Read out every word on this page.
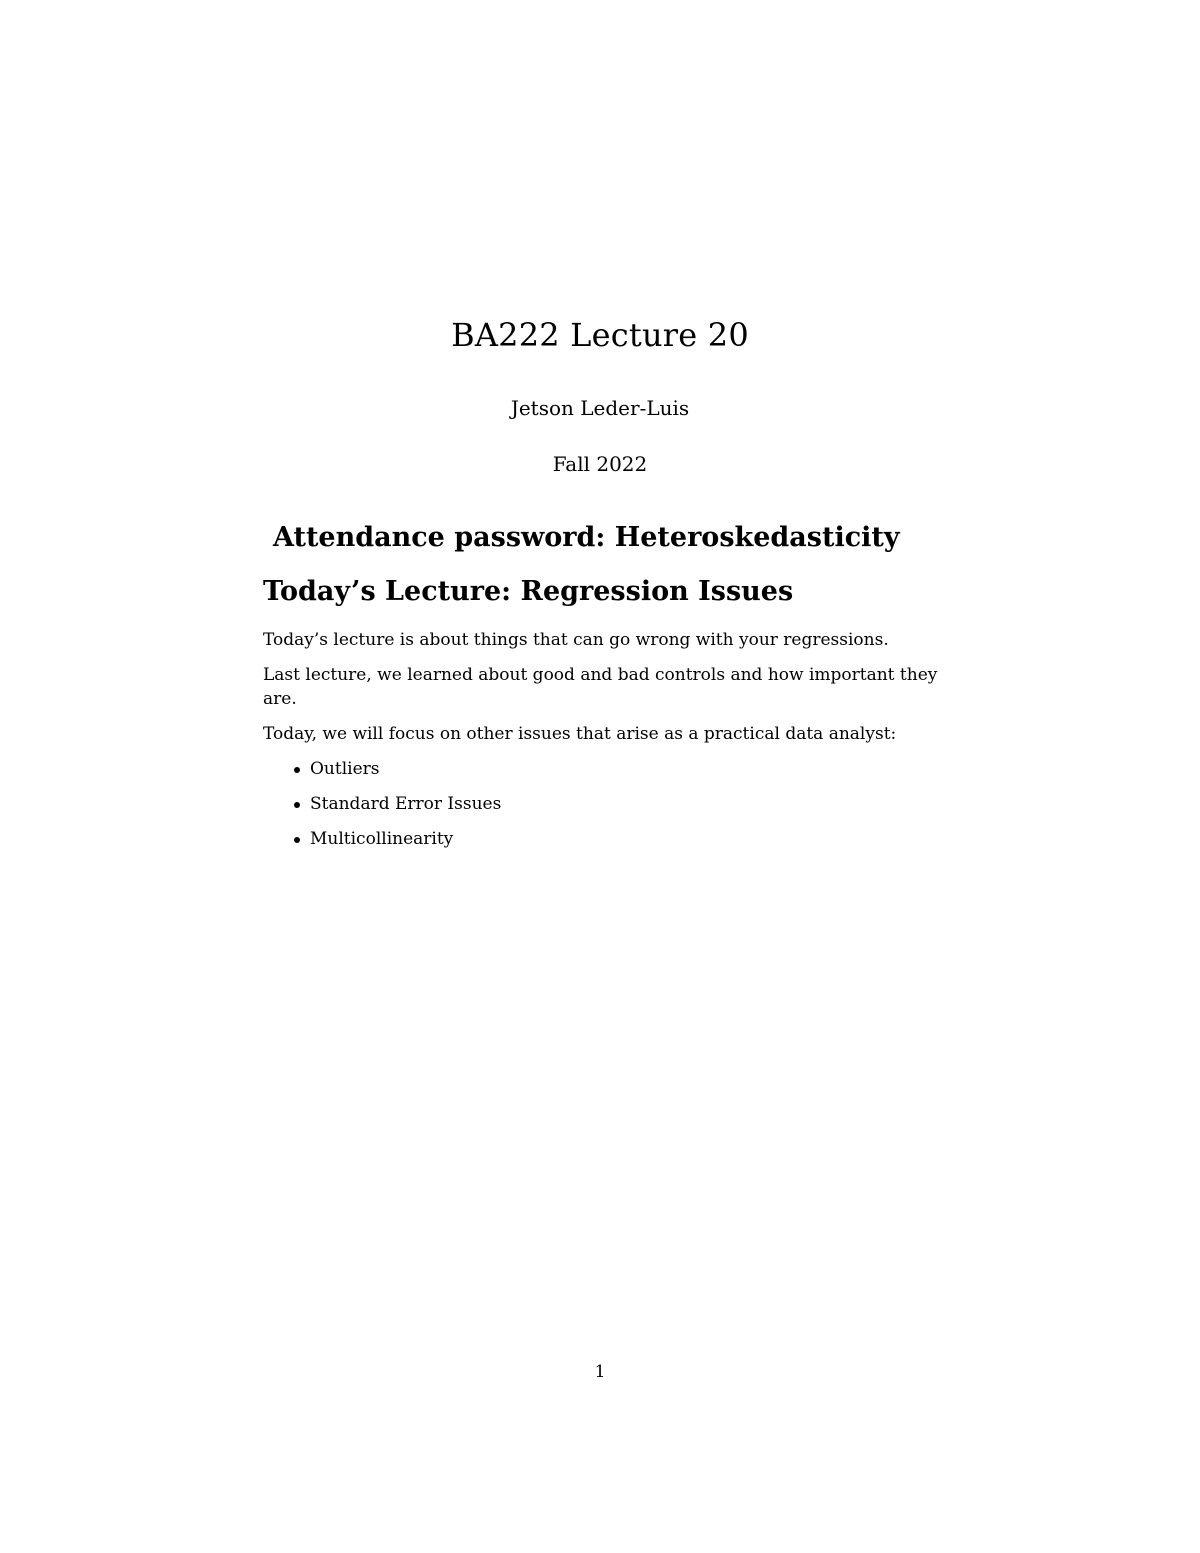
BA222 Lecture 20

Jetson Leder-Luis

Fall 2022

Attendance password: Heteroskedasticity
Today’s Lecture: Regression Issues

Today’s lecture is about things that can go wrong with your regressions.

Last lecture, we learned about good and bad controls and how important they are.

Today, we will focus on other issues that arise as a practical data analyst:

Outliers
Standard Error Issues
Multicollinearity

1
